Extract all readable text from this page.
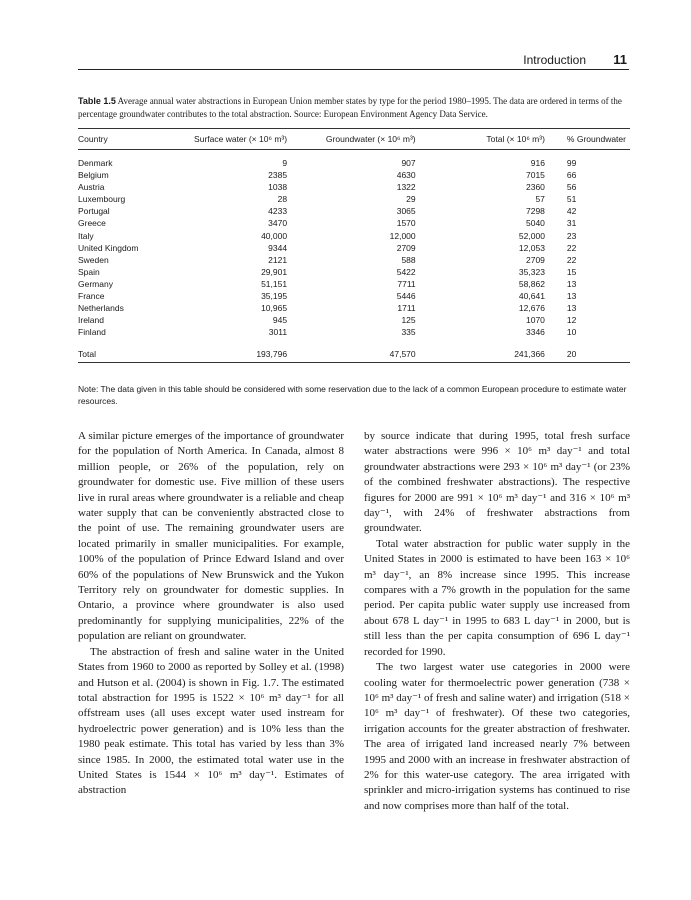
Introduction 11
Table 1.5 Average annual water abstractions in European Union member states by type for the period 1980–1995. The data are ordered in terms of the percentage groundwater contributes to the total abstraction. Source: European Environment Agency Data Service.
Country	Surface water (× 10⁶ m³)	Groundwater (× 10⁶ m³)	Total (× 10⁶ m³)	% Groundwater

Denmark	9	907	916	99
Belgium	2385	4630	7015	66
Austria	1038	1322	2360	56
Luxembourg	28	29	57	51
Portugal	4233	3065	7298	42
Greece	3470	1570	5040	31
Italy	40,000	12,000	52,000	23
United Kingdom	9344	2709	12,053	22
Sweden	2121	588	2709	22
Spain	29,901	5422	35,323	15
Germany	51,151	7711	58,862	13
France	35,195	5446	40,641	13
Netherlands	10,965	1711	12,676	13
Ireland	945	125	1070	12
Finland	3011	335	3346	10

Total	193,796	47,570	241,366	20
Note: The data given in this table should be considered with some reservation due to the lack of a common European procedure to estimate water resources.

A similar picture emerges of the importance of groundwater for the population of North America. In Canada, almost 8 million people, or 26% of the population, rely on groundwater for domestic use. Five million of these users live in rural areas where groundwater is a reliable and cheap water supply that can be conveniently abstracted close to the point of use. The remaining groundwater users are located primarily in smaller municipalities. For example, 100% of the population of Prince Edward Island and over 60% of the populations of New Brunswick and the Yukon Territory rely on groundwater for domestic supplies. In Ontario, a province where groundwater is also used predominantly for supplying municipalities, 22% of the population are reliant on groundwater.

The abstraction of fresh and saline water in the United States from 1960 to 2000 as reported by Solley et al. (1998) and Hutson et al. (2004) is shown in Fig. 1.7. The estimated total abstraction for 1995 is 1522 × 10⁶ m³ day⁻¹ for all offstream uses (all uses except water used instream for hydroelectric power generation) and is 10% less than the 1980 peak estimate. This total has varied by less than 3% since 1985. In 2000, the estimated total water use in the United States is 1544 × 10⁶ m³ day⁻¹. Estimates of abstraction

by source indicate that during 1995, total fresh surface water abstractions were 996 × 10⁶ m³ day⁻¹ and total groundwater abstractions were 293 × 10⁶ m³ day⁻¹ (or 23% of the combined freshwater abstractions). The respective figures for 2000 are 991 × 10⁶ m³ day⁻¹ and 316 × 10⁶ m³ day⁻¹, with 24% of freshwater abstractions from groundwater.

Total water abstraction for public water supply in the United States in 2000 is estimated to have been 163 × 10⁶ m³ day⁻¹, an 8% increase since 1995. This increase compares with a 7% growth in the population for the same period. Per capita public water supply use increased from about 678 L day⁻¹ in 1995 to 683 L day⁻¹ in 2000, but is still less than the per capita consumption of 696 L day⁻¹ recorded for 1990.

The two largest water use categories in 2000 were cooling water for thermoelectric power generation (738 × 10⁶ m³ day⁻¹ of fresh and saline water) and irrigation (518 × 10⁶ m³ day⁻¹ of freshwater). Of these two categories, irrigation accounts for the greater abstraction of freshwater. The area of irrigated land increased nearly 7% between 1995 and 2000 with an increase in freshwater abstraction of 2% for this water-use category. The area irrigated with sprinkler and micro-irrigation systems has continued to rise and now comprises more than half of the total.
